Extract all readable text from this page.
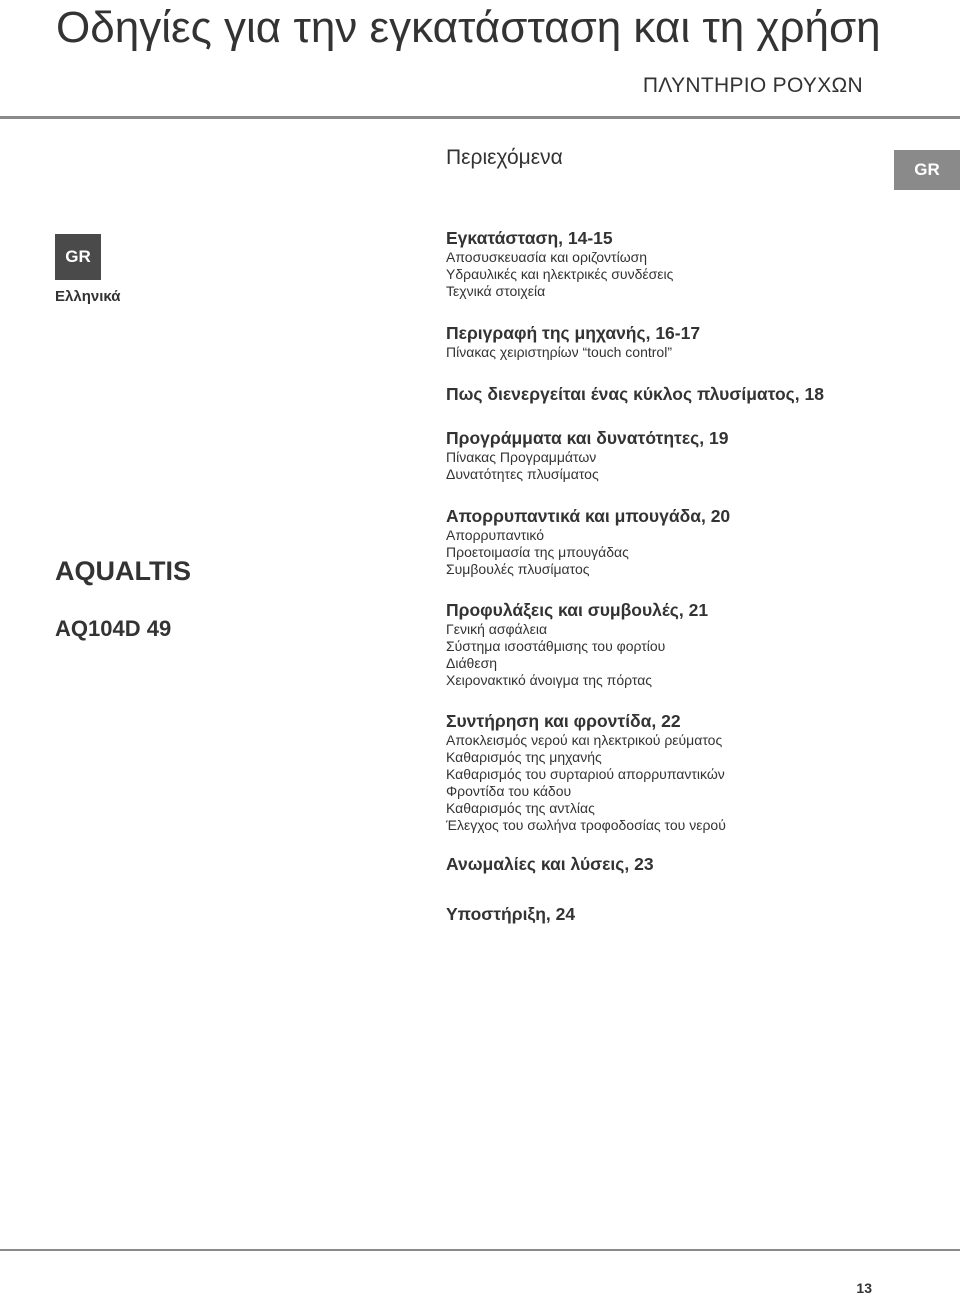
Οδηγίες για την εγκατάσταση και τη χρήση
ΠΛΥΝΤΗΡΙΟ ΡΟΥΧΩΝ
Περιεχόμενα
GR
GR
Ελληνικά
AQUALTIS
AQ104D 49
Εγκατάσταση, 14-15
Αποσυσκευασία και οριζοντίωση
Υδραυλικές και ηλεκτρικές συνδέσεις
Τεχνικά στοιχεία
Περιγραφή της μηχανής, 16-17
Πίνακας χειριστηρίων “touch control”
Πως διενεργείται ένας κύκλος πλυσίματος, 18
Προγράμματα και δυνατότητες, 19
Πίνακας Προγραμμάτων
Δυνατότητες πλυσίματος
Απορρυπαντικά και μπουγάδα, 20
Απορρυπαντικό
Προετοιμασία της μπουγάδας
Συμβουλές πλυσίματος
Προφυλάξεις και συμβουλές, 21
Γενική ασφάλεια
Σύστημα ισοστάθμισης του φορτίου
Διάθεση
Χειρονακτικό άνοιγμα της πόρτας
Συντήρηση και φροντίδα, 22
Αποκλεισμός νερού και ηλεκτρικού ρεύματος
Καθαρισμός της μηχανής
Καθαρισμός του συρταριού απορρυπαντικών
Φροντίδα του κάδου
Καθαρισμός της αντλίας
Έλεγχος του σωλήνα τροφοδοσίας του νερού
Ανωμαλίες και λύσεις, 23
Υποστήριξη, 24
13
